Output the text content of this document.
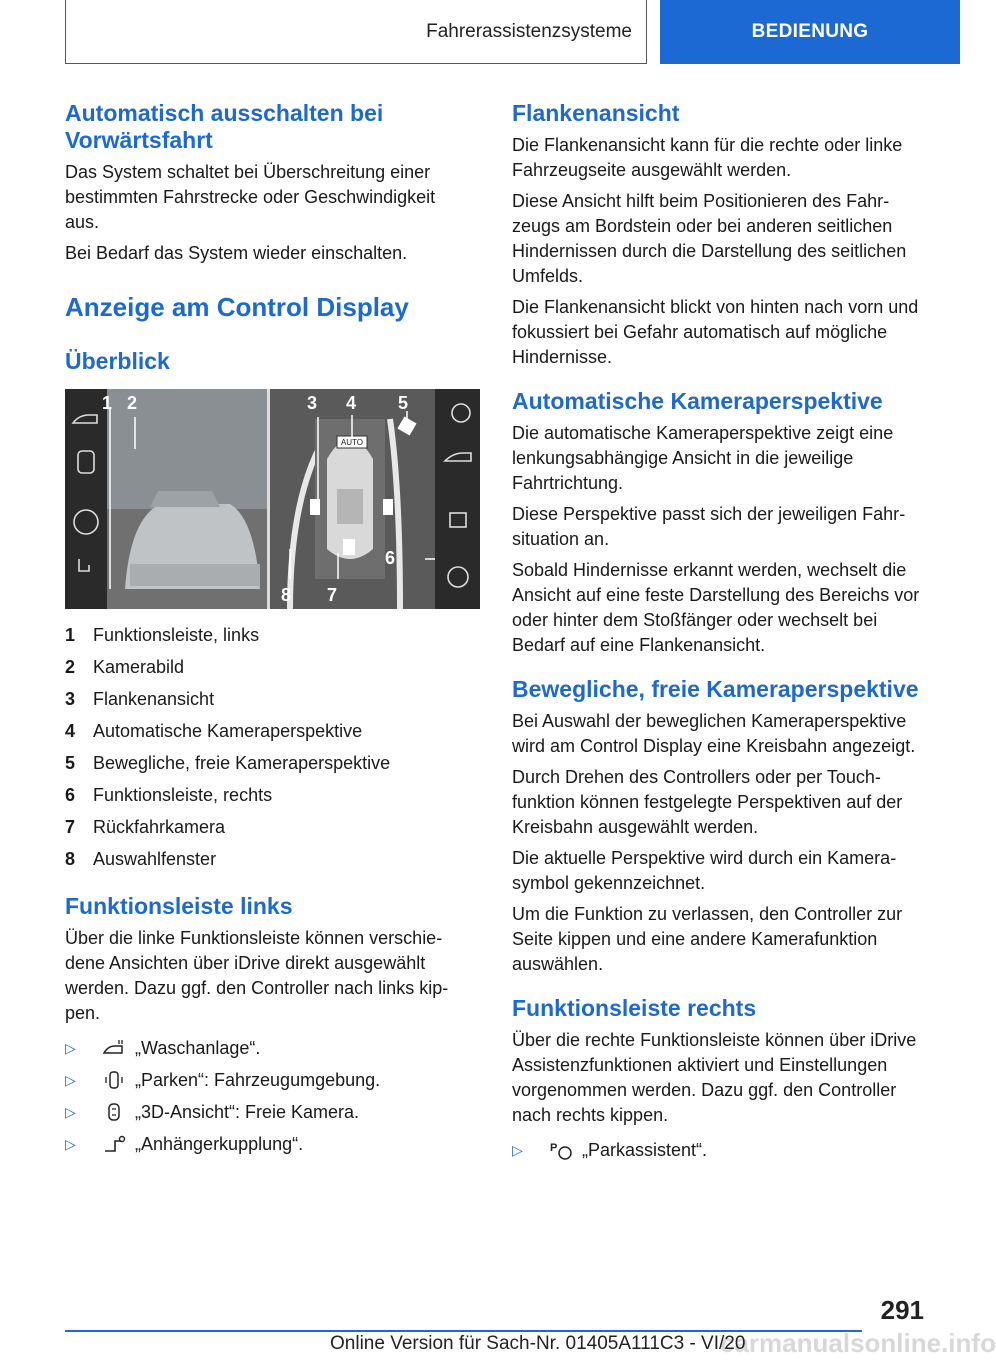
Fahrerassistenzsysteme	BEDIENUNG
Automatisch ausschalten bei Vorwärtsfahrt

Das System schaltet bei Überschreitung einer bestimmten Fahrstrecke oder Geschwindigkeit aus.

Bei Bedarf das System wieder einschalten.

Anzeige am Control Display
Überblick
AUTO
1 2	3 4 5
6
7
8
1 Funktionsleiste, links
2 Kamerabild
3 Flankenansicht
4 Automatische Kameraperspektive
5 Bewegliche, freie Kameraperspektive
6 Funktionsleiste, rechts
7 Rückfahrkamera
8 Auswahlfenster
Funktionsleiste links

Über die linke Funktionsleiste können verschiedene Ansichten über iDrive direkt ausgewählt werden. Dazu ggf. den Controller nach links kippen.

▷	„Waschanlage“.
▷	„Parken“: Fahrzeugumgebung.
▷	„3D-Ansicht“: Freie Kamera.
▷	„Anhängerkupplung“.
Flankenansicht

Die Flankenansicht kann für die rechte oder linke Fahrzeugseite ausgewählt werden.

Diese Ansicht hilft beim Positionieren des Fahrzeugs am Bordstein oder bei anderen seitlichen Hindernissen durch die Darstellung des seitlichen Umfelds.

Die Flankenansicht blickt von hinten nach vorn und fokussiert bei Gefahr automatisch auf mögliche Hindernisse.

Automatische Kameraperspektive

Die automatische Kameraperspektive zeigt eine lenkungsabhängige Ansicht in die jeweilige Fahrtrichtung.

Diese Perspektive passt sich der jeweiligen Fahrsituation an.

Sobald Hindernisse erkannt werden, wechselt die Ansicht auf eine feste Darstellung des Bereichs vor oder hinter dem Stoßfänger oder wechselt bei Bedarf auf eine Flankenansicht.

Bewegliche, freie Kameraperspektive

Bei Auswahl der beweglichen Kameraperspektive wird am Control Display eine Kreisbahn angezeigt.

Durch Drehen des Controllers oder per Touchfunktion können festgelegte Perspektiven auf der Kreisbahn ausgewählt werden.

Die aktuelle Perspektive wird durch ein Kamerasymbol gekennzeichnet.

Um die Funktion zu verlassen, den Controller zur Seite kippen und eine andere Kamerafunktion auswählen.

Funktionsleiste rechts

Über die rechte Funktionsleiste können über iDrive Assistenzfunktionen aktiviert und Einstellungen vorgenommen werden. Dazu ggf. den Controller nach rechts kippen.

▷	P „Parkassistent“.
291
carmanualsonline.info
Online Version für Sach-Nr. 01405A111C3 - VI/20
